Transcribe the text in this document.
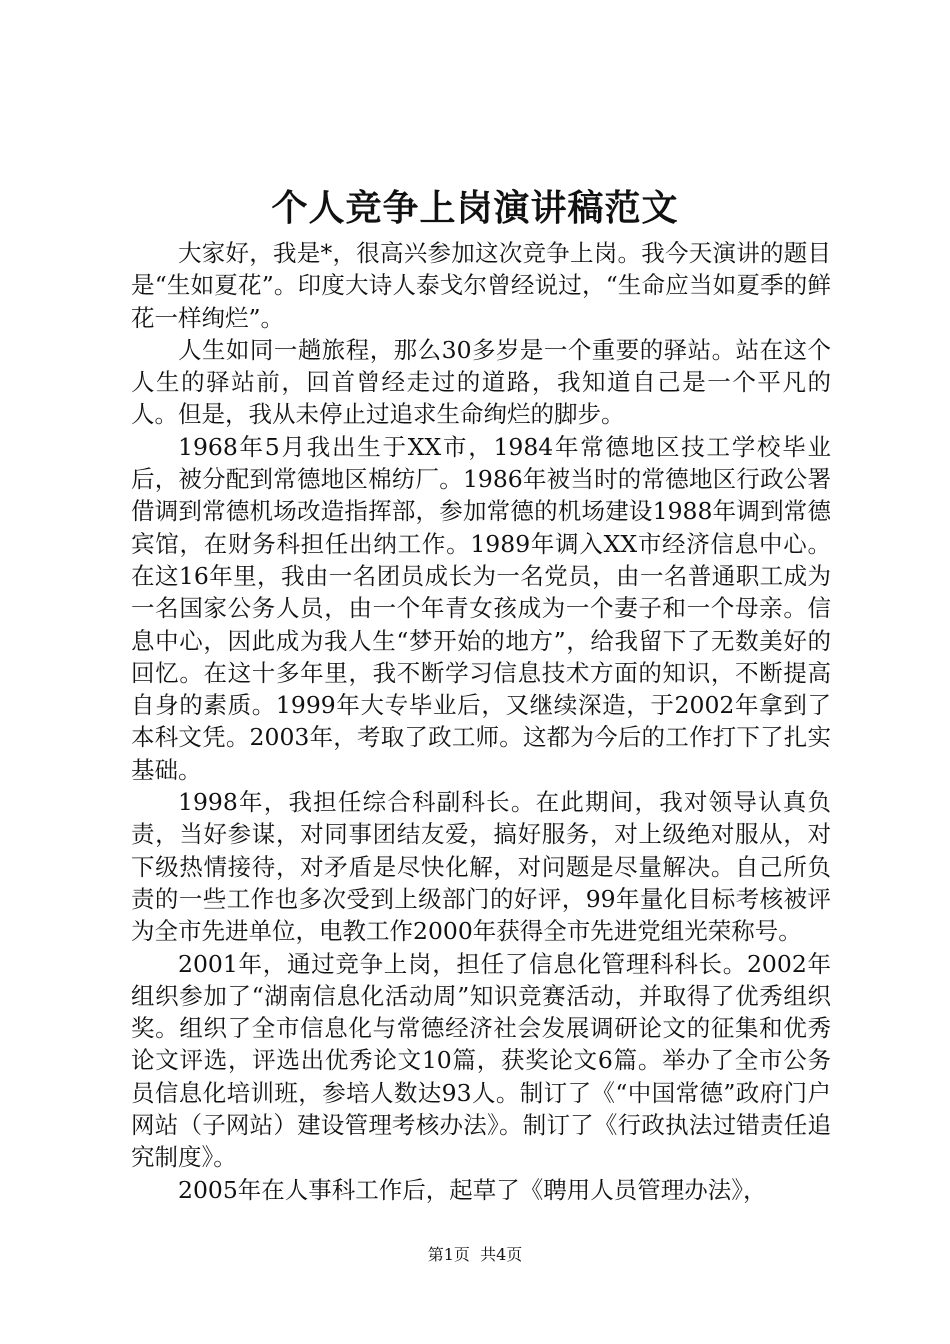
个人竞争上岗演讲稿范文

大家好，我是*，很高兴参加这次竞争上岗。我今天演讲的题目是“生如夏花”。印度大诗人泰戈尔曾经说过，“生命应当如夏季的鲜花一样绚烂”。

人生如同一趟旅程，那么30多岁是一个重要的驿站。站在这个人生的驿站前，回首曾经走过的道路，我知道自己是一个平凡的人。但是，我从未停止过追求生命绚烂的脚步。

1968年5月我出生于XX市，1984年常德地区技工学校毕业后，被分配到常德地区棉纺厂。1986年被当时的常德地区行政公署借调到常德机场改造指挥部，参加常德的机场建设1988年调到常德宾馆，在财务科担任出纳工作。1989年调入XX市经济信息中心。在这16年里，我由一名团员成长为一名党员，由一名普通职工成为一名国家公务人员，由一个年青女孩成为一个妻子和一个母亲。信息中心，因此成为我人生“梦开始的地方”，给我留下了无数美好的回忆。在这十多年里，我不断学习信息技术方面的知识，不断提高自身的素质。1999年大专毕业后，又继续深造，于2002年拿到了本科文凭。2003年，考取了政工师。这都为今后的工作打下了扎实基础。

1998年，我担任综合科副科长。在此期间，我对领导认真负责，当好参谋，对同事团结友爱，搞好服务，对上级绝对服从，对下级热情接待，对矛盾是尽快化解，对问题是尽量解决。自己所负责的一些工作也多次受到上级部门的好评，99年量化目标考核被评为全市先进单位，电教工作2000年获得全市先进党组光荣称号。

2001年，通过竞争上岗，担任了信息化管理科科长。2002年组织参加了“湖南信息化活动周”知识竞赛活动，并取得了优秀组织奖。组织了全市信息化与常德经济社会发展调研论文的征集和优秀论文评选，评选出优秀论文10篇，获奖论文6篇。举办了全市公务员信息化培训班，参培人数达93人。制订了《“中国常德”政府门户网站（子网站）建设管理考核办法》。制订了《行政执法过错责任追究制度》。

2005年在人事科工作后，起草了《聘用人员管理办法》，

第1页 共4页
